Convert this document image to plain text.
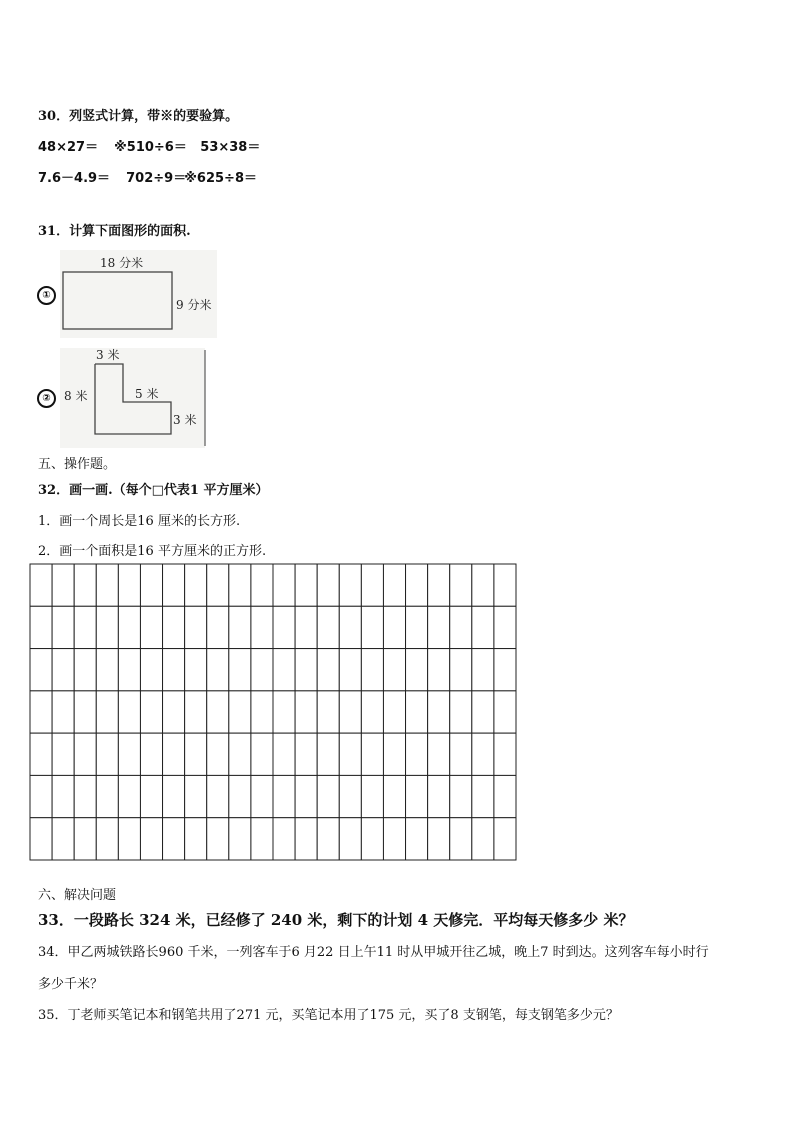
30．列竖式计算，带※的要验算。
48×27＝ ※510÷6＝ 53×38＝
7.6－4.9＝ 702÷9＝ ※625÷8＝
31．计算下面图形的面积.
①
18 分米
9 分米
②
3 米
8 米	5 米
3 米
五、操作题。
32．画一画.（每个□代表1 平方厘米）
1．画一个周长是16 厘米的长方形.
2．画一个面积是16 平方厘米的正方形.
六、解决问题
33．一段路长 324 米，已经修了 240 米，剩下的计划 4 天修完．平均每天修多少 米？
34．甲乙两城铁路长960 千米，一列客车于6 月22 日上午11 时从甲城开往乙城，晚上7 时到达。这列客车每小时行
多少千米？
35．丁老师买笔记本和钢笔共用了271 元，买笔记本用了175 元，买了8 支钢笔，每支钢笔多少元？
